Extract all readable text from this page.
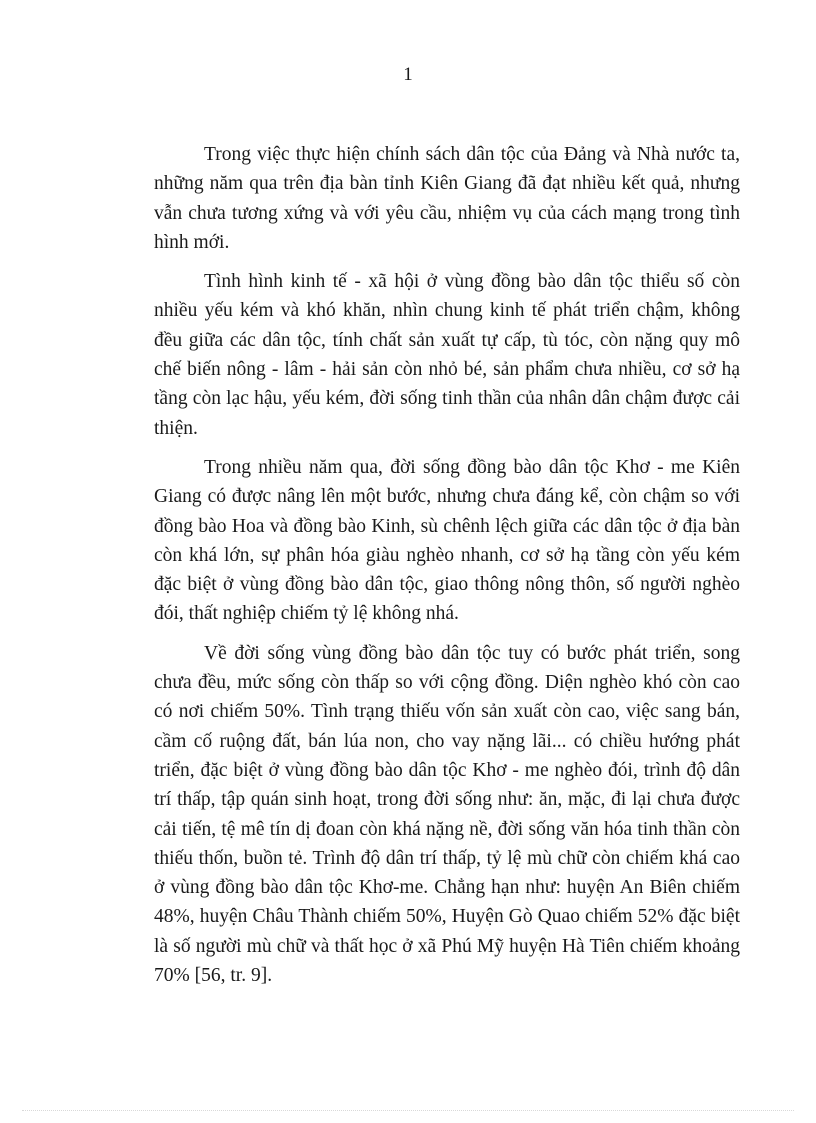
1

Trong việc thực hiện chính sách dân tộc của Đảng và Nhà nước ta, những năm qua trên địa bàn tỉnh Kiên Giang đã đạt nhiều kết quả, nhưng vẫn chưa tương xứng và với yêu cầu, nhiệm vụ của cách mạng trong tình hình mới.

Tình hình kinh tế - xã hội ở vùng đồng bào dân tộc thiểu số còn nhiều yếu kém và khó khăn, nhìn chung kinh tế phát triển chậm, không đều giữa các dân tộc, tính chất sản xuất tự cấp, tù tóc, còn nặng quy mô chế biến nông - lâm - hải sản còn nhỏ bé, sản phẩm chưa nhiều, cơ sở hạ tầng còn lạc hậu, yếu kém, đời sống tinh thần của nhân dân chậm được cải thiện.

Trong nhiều năm qua, đời sống đồng bào dân tộc Khơ - me Kiên Giang có được nâng lên một bước, nhưng chưa đáng kể, còn chậm so với đồng bào Hoa và đồng bào Kinh, sù chênh lệch giữa các dân tộc ở địa bàn còn khá lớn, sự phân hóa giàu nghèo nhanh, cơ sở hạ tầng còn yếu kém đặc biệt ở vùng đồng bào dân tộc, giao thông nông thôn, số người nghèo đói, thất nghiệp chiếm tỷ lệ không nhá.

Về đời sống vùng đồng bào dân tộc tuy có bước phát triển, song chưa đều, mức sống còn thấp so với cộng đồng. Diện nghèo khó còn cao có nơi chiếm 50%. Tình trạng thiếu vốn sản xuất còn cao, việc sang bán, cầm cố ruộng đất, bán lúa non, cho vay nặng lãi... có chiều hướng phát triển, đặc biệt ở vùng đồng bào dân tộc Khơ - me nghèo đói, trình độ dân trí thấp, tập quán sinh hoạt, trong đời sống như: ăn, mặc, đi lại chưa được cải tiến, tệ mê tín dị đoan còn khá nặng nề, đời sống văn hóa tinh thần còn thiếu thốn, buồn tẻ. Trình độ dân trí thấp, tỷ lệ mù chữ còn chiếm khá cao ở vùng đồng bào dân tộc Khơ-me. Chẳng hạn như: huyện An Biên chiếm 48%, huyện Châu Thành chiếm 50%, Huyện Gò Quao chiếm 52% đặc biệt là số người mù chữ và thất học ở xã Phú Mỹ huyện Hà Tiên chiếm khoảng 70% [56, tr. 9].
